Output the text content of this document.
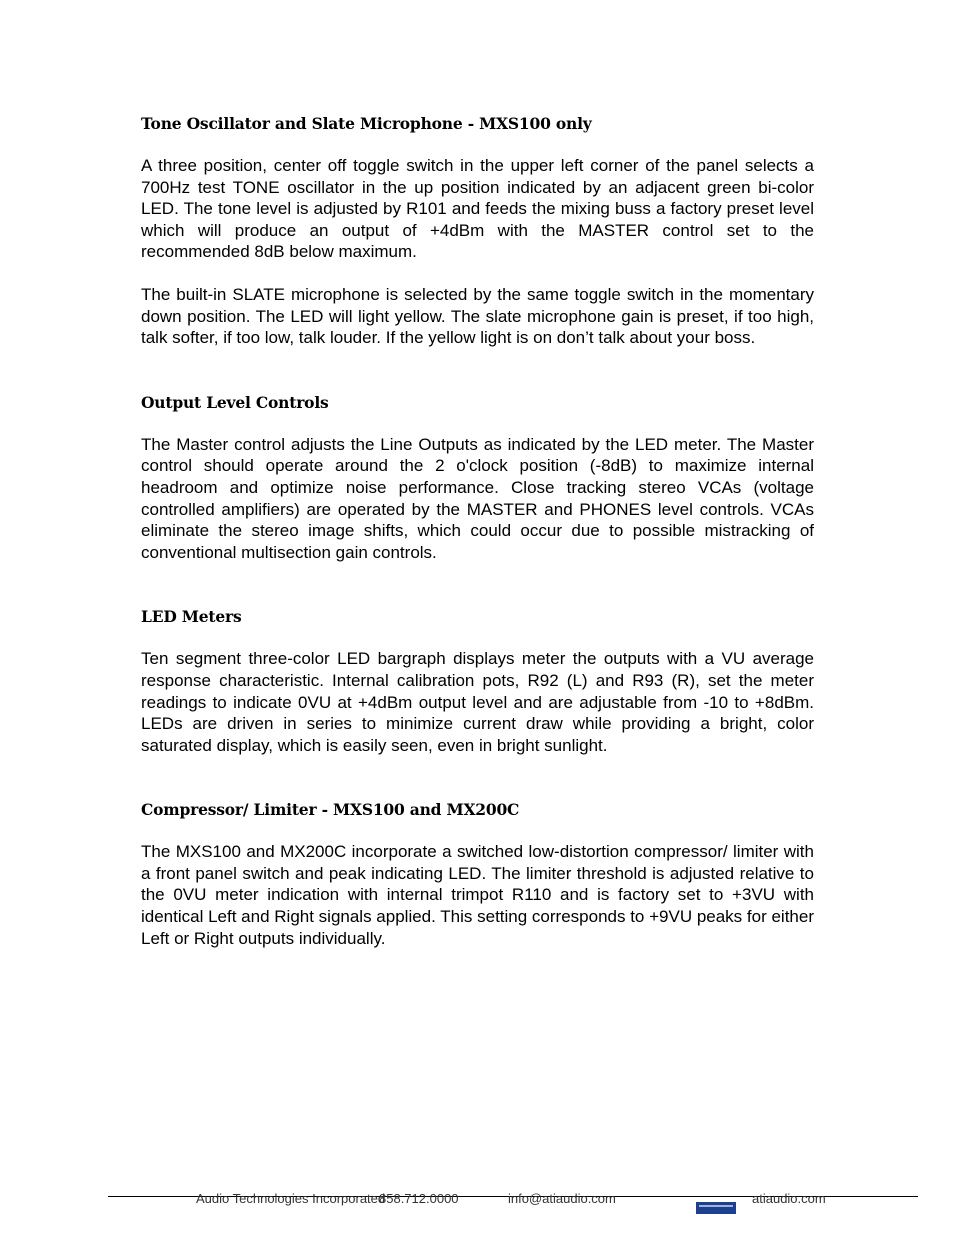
Tone Oscillator and Slate Microphone - MXS100 only

A three position, center off toggle switch in the upper left corner of the panel selects a 700Hz test TONE oscillator in the up position indicated by an adjacent green bi-color LED. The tone level is adjusted by R101 and feeds the mixing buss a factory preset level which will produce an output of +4dBm with the MASTER control set to the recommended 8dB below maximum.

The built-in SLATE microphone is selected by the same toggle switch in the momentary down position. The LED will light yellow. The slate microphone gain is preset, if too high, talk softer, if too low, talk louder. If the yellow light is on don’t talk about your boss.

Output Level Controls

The Master control adjusts the Line Outputs as indicated by the LED meter. The Master control should operate around the 2 o'clock position (-8dB) to maximize internal headroom and optimize noise performance. Close tracking stereo VCAs (voltage controlled amplifiers) are operated by the MASTER and PHONES level controls. VCAs eliminate the stereo image shifts, which could occur due to possible mistracking of conventional multisection gain controls.

LED Meters

Ten segment three-color LED bargraph displays meter the outputs with a VU average response characteristic. Internal calibration pots, R92 (L) and R93 (R), set the meter readings to indicate 0VU at +4dBm output level and are adjustable from -10 to +8dBm. LEDs are driven in series to minimize current draw while providing a bright, color saturated display, which is easily seen, even in bright sunlight.

Compressor/ Limiter - MXS100 and MX200C

The MXS100 and MX200C incorporate a switched low-distortion compressor/ limiter with a front panel switch and peak indicating LED. The limiter threshold is adjusted relative to the 0VU meter indication with internal trimpot R110 and is factory set to +3VU with identical Left and Right signals applied. This setting corresponds to +9VU peaks for either Left or Right outputs individually.

Audio Technologies Incorporated
858.712.0000	info@atiaudio.com	atiaudio.com
